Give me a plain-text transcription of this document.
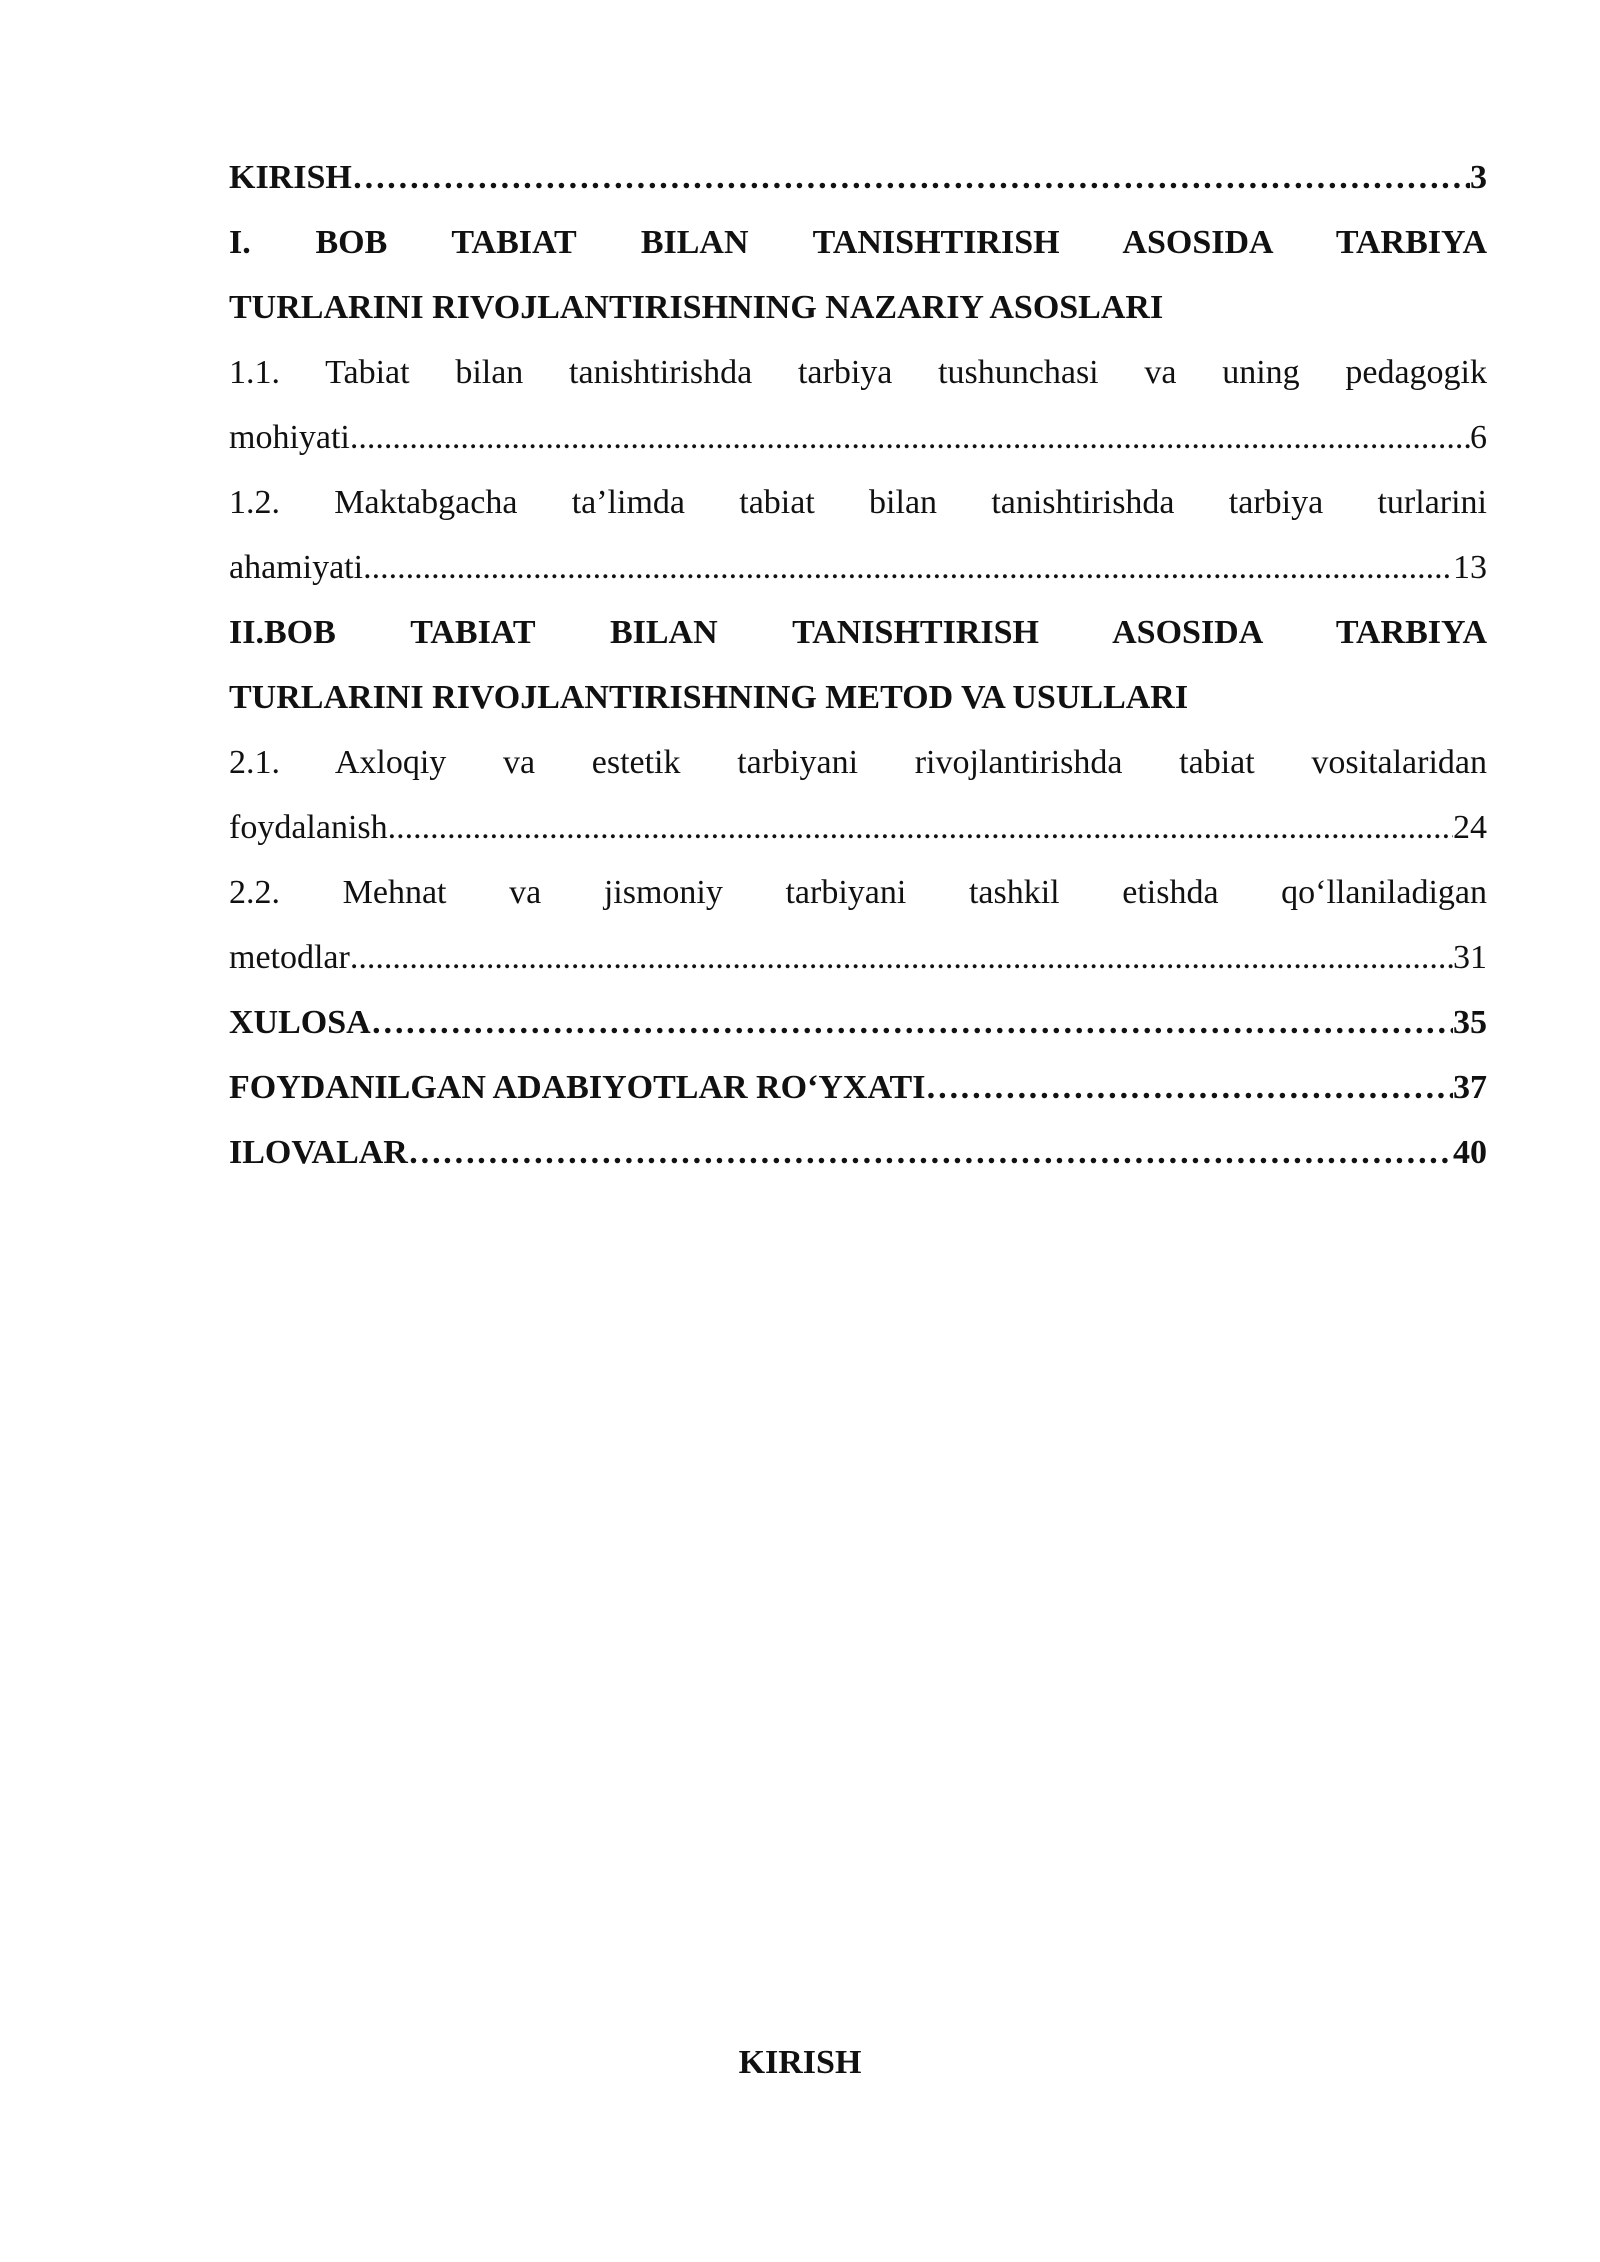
KIRISH …………………………………………………………………………………………………………………………………………………………………………………………………………………………………	3
I. BOB TABIAT BILAN TANISHTIRISH ASOSIDA TARBIYA
TURLARINI RIVOJLANTIRISHNING NAZARIY ASOSLARI
1.1. Tabiat bilan tanishtirishda tarbiya tushunchasi va uning pedagogik
mohiyati .....	6
1.2. Maktabgacha ta’limda tabiat bilan tanishtirishda tarbiya turlarini
ahamiyati .....	13
II.BOB TABIAT BILAN TANISHTIRISH ASOSIDA TARBIYA
TURLARINI RIVOJLANTIRISHNING METOD VA USULLARI
2.1. Axloqiy va estetik tarbiyani rivojlantirishda tabiat vositalaridan
foydalanish .....	24
2.2. Mehnat va jismoniy tarbiyani tashkil etishda qo‘llaniladigan
metodlar .....	31
XULOSA …………………………………………………………………………………………………………………………………………………………………………………………………………………………………	35
FOYDANILGAN ADABIYOTLAR RO‘YXATI …………………………………………………………………………………………………………………………………………………………………………………………………………………………………	37
ILOVALAR …………………………………………………………………………………………………………………………………………………………………………………………………………………………………	40
KIRISH
